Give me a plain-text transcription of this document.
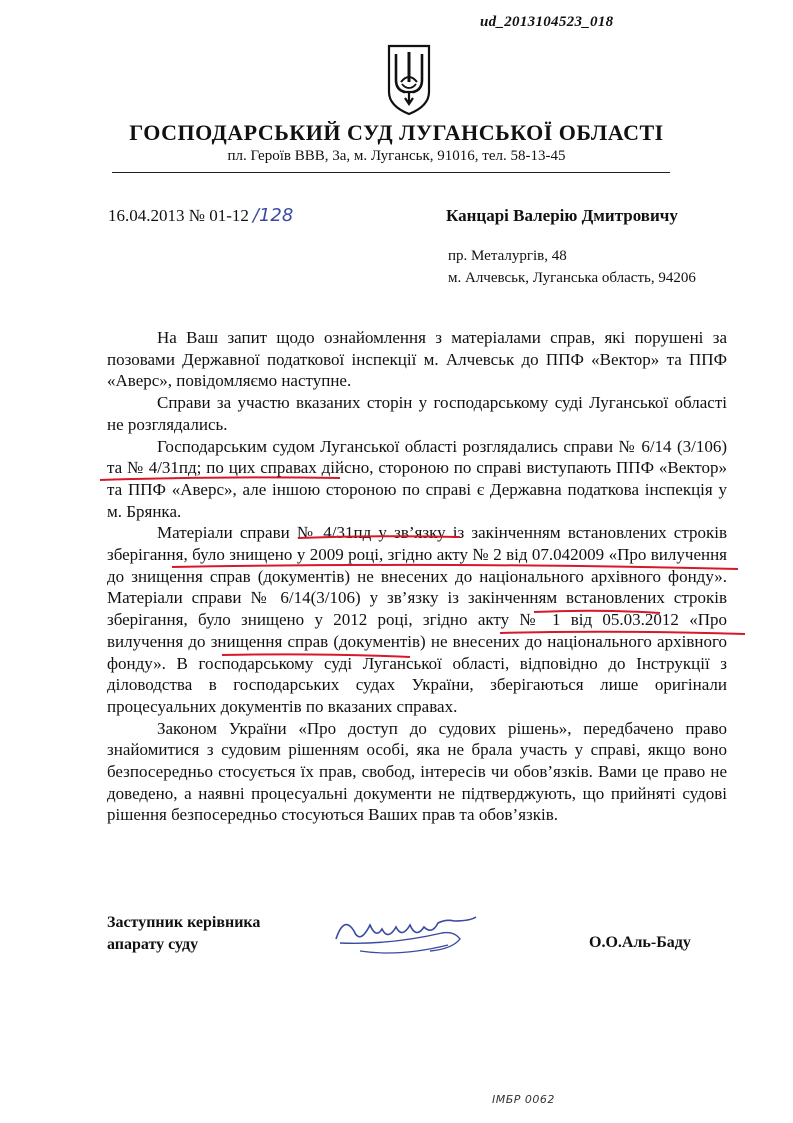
ud_2013104523_018
ГОСПОДАРСЬКИЙ СУД ЛУГАНСЬКОЇ ОБЛАСТІ
пл. Героїв ВВВ, 3а, м. Луганськ, 91016, тел. 58-13-45
16.04.2013 № 01-12 /128	Канцарі Валерію Дмитровичу
пр. Металургів, 48
м. Алчевськ, Луганська область, 94206

На Ваш запит щодо ознайомлення з матеріалами справ, які порушені за позовами Державної податкової інспекції м. Алчевськ до ППФ «Вектор» та ППФ «Аверс», повідомляємо наступне.

Справи за участю вказаних сторін у господарському суді Луганської області не розглядались.

Господарським судом Луганської області розглядались справи № 6/14 (3/106) та № 4/31пд; по цих справах дійсно, стороною по справі виступають ППФ «Вектор» та ППФ «Аверс», але іншою стороною по справі є Державна податкова інспекція у м. Брянка.

Матеріали справи № 4/31пд у зв’язку із закінченням встановлених строків зберігання, було знищено у 2009 році, згідно акту № 2 від 07.042009 «Про вилучення до знищення справ (документів) не внесених до національного архівного фонду». Матеріали справи № 6/14(3/106) у зв’язку із закінченням встановлених строків зберігання, було знищено у 2012 році, згідно акту № 1 від 05.03.2012 «Про вилучення до знищення справ (документів) не внесених до національного архівного фонду». В господарському суді Луганської області, відповідно до Інструкції з діловодства в господарських судах України, зберігаються лише оригінали процесуальних документів по вказаних справах.

Законом України «Про доступ до судових рішень», передбачено право знайомитися з судовим рішенням особі, яка не брала участь у справі, якщо воно безпосередньо стосується їх прав, свобод, інтересів чи обов’язків. Вами це право не доведено, а наявні процесуальні документи не підтверджують, що прийняті судові рішення безпосередньо стосуються Ваших прав та обов’язків.

Заступник керівника
апарату суду	О.О.Аль-Баду
ІМБР 0062
